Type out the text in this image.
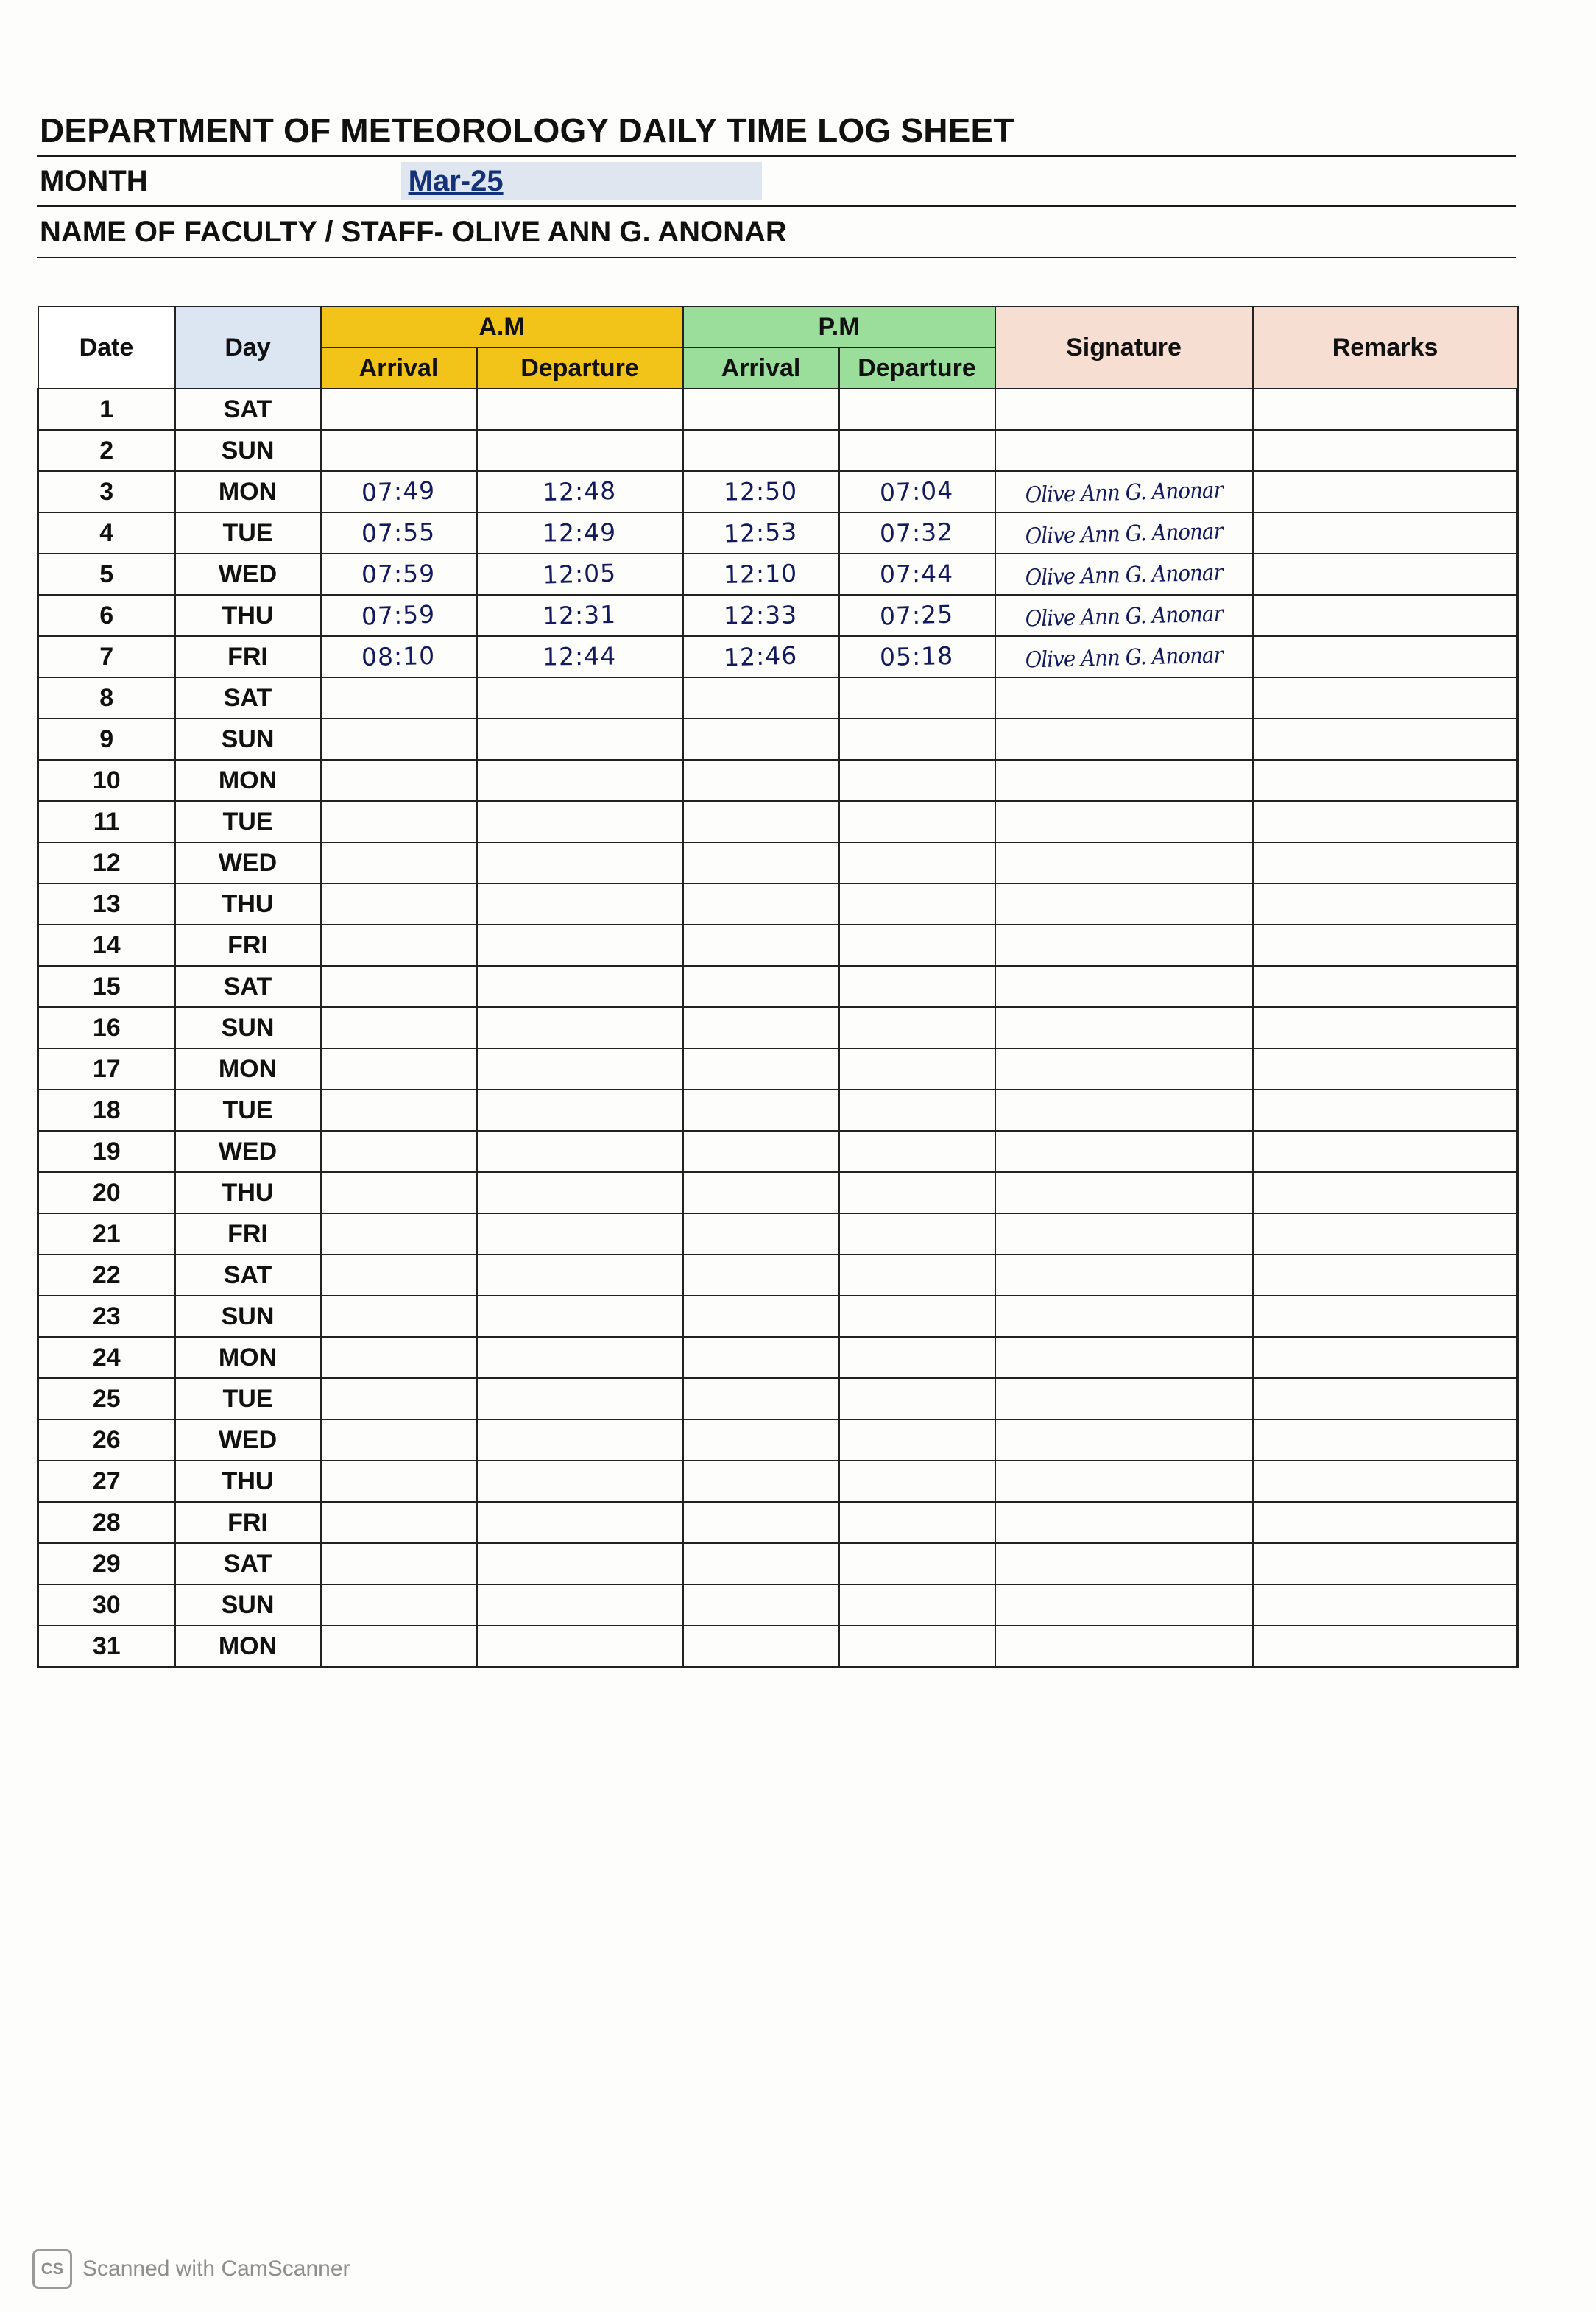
DEPARTMENT OF METEOROLOGY DAILY TIME LOG SHEET
MONTH	Mar-25
NAME OF FACULTY / STAFF- OLIVE ANN G. ANONAR
Date	Day	A.M		P.M		Signature	Remarks
		Arrival	Departure	Arrival	Departure		
1	SAT						
2	SUN						
3	MON	07:49	12:48	12:50	07:04	Olive Ann G. Anonar	
4	TUE	07:55	12:49	12:53	07:32	Olive Ann G. Anonar	
5	WED	07:59	12:05	12:10	07:44	Olive Ann G. Anonar	
6	THU	07:59	12:31	12:33	07:25	Olive Ann G. Anonar	
7	FRI	08:10	12:44	12:46	05:18	Olive Ann G. Anonar	
8	SAT						
9	SUN						
10	MON						
11	TUE						
12	WED						
13	THU						
14	FRI						
15	SAT						
16	SUN						
17	MON						
18	TUE						
19	WED						
20	THU						
21	FRI						
22	SAT						
23	SUN						
24	MON						
25	TUE						
26	WED						
27	THU						
28	FRI						
29	SAT						
30	SUN						
31	MON						
CS Scanned with CamScanner
